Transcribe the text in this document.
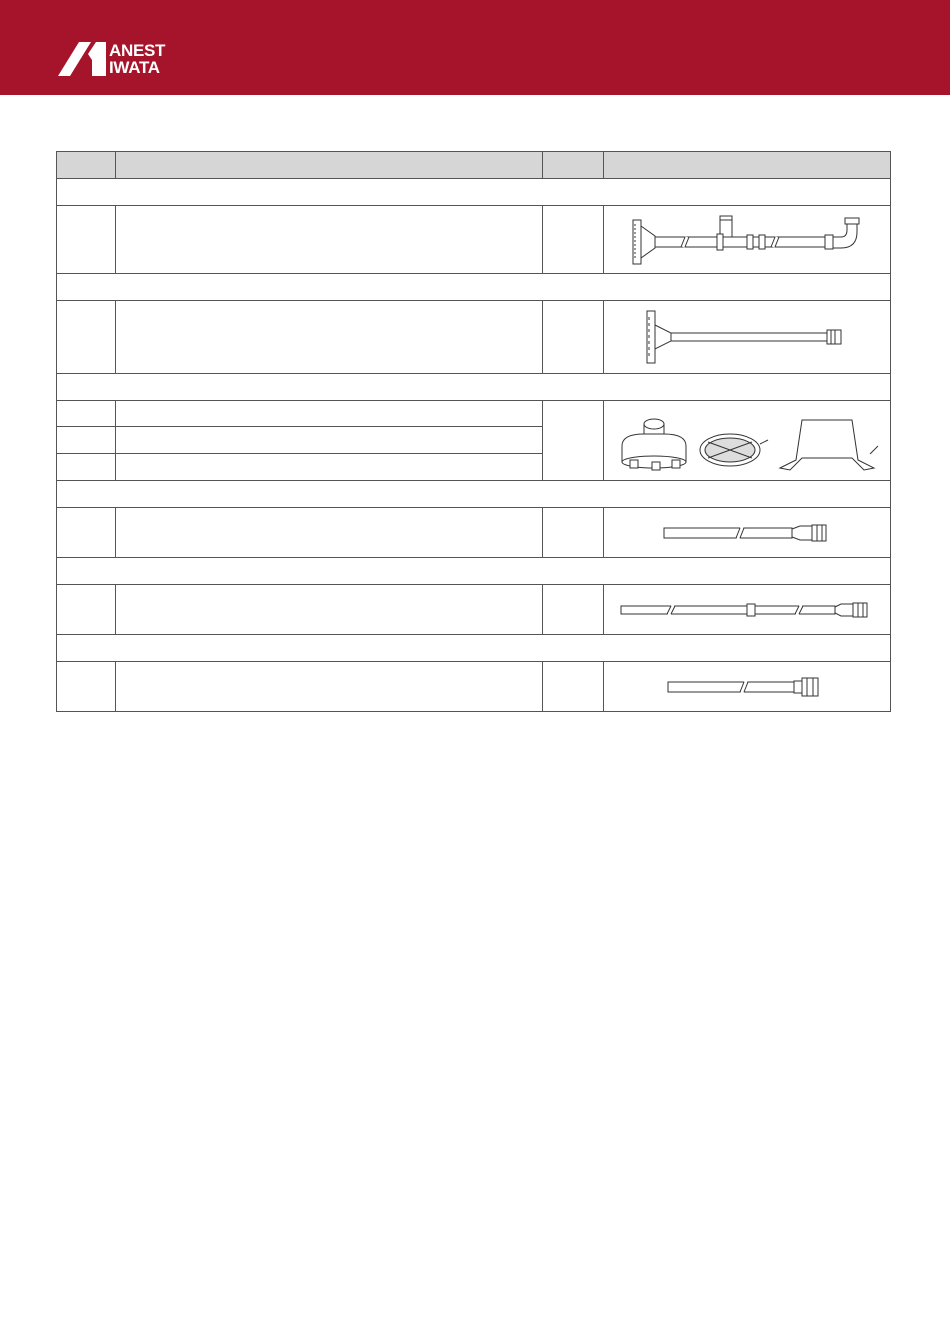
ANEST
IWATA
